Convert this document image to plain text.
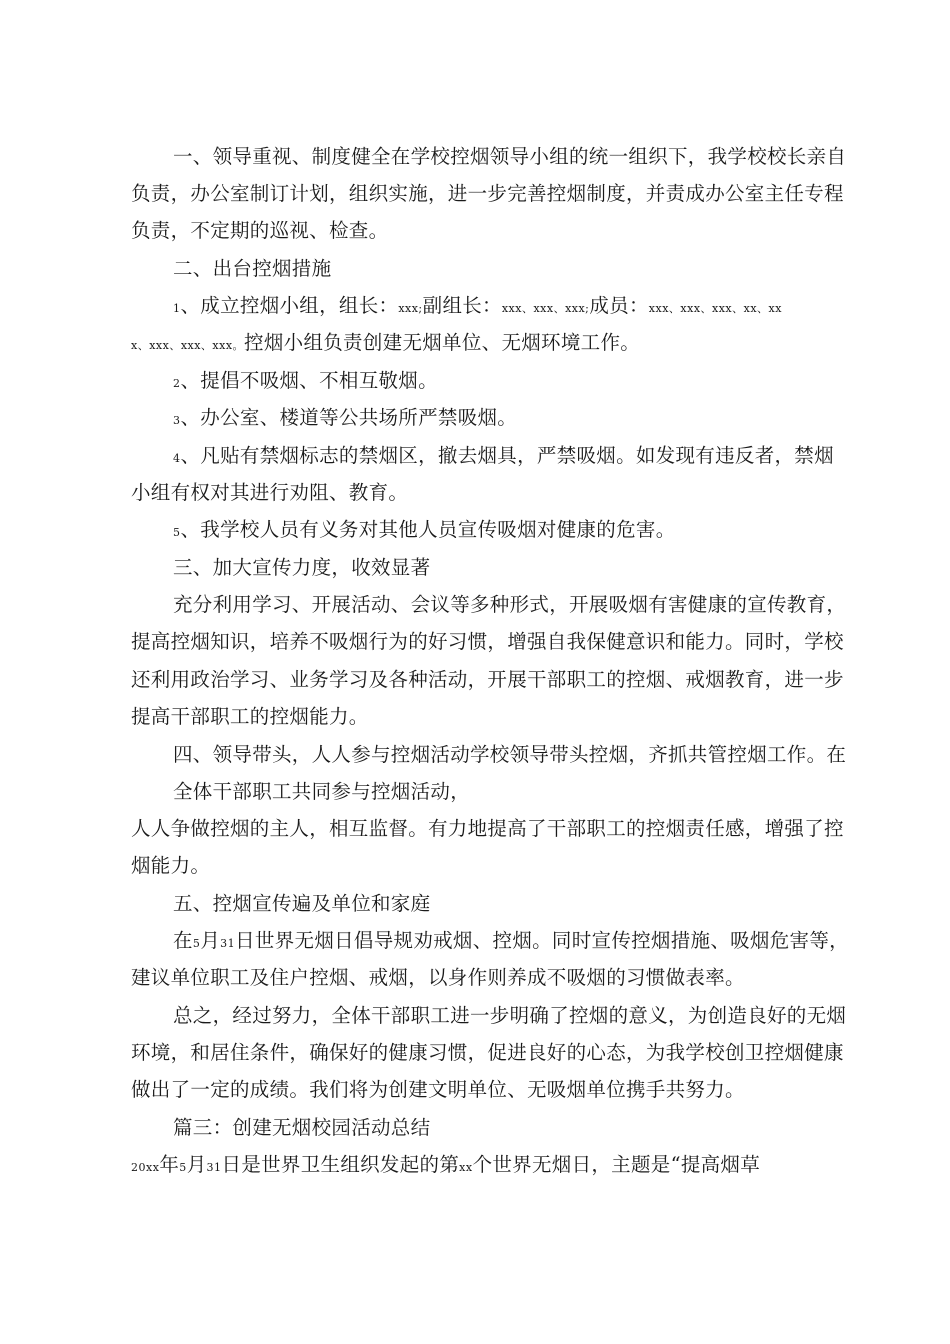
一、领导重视、制度健全在学校控烟领导小组的统一组织下，我学校校长亲自
负责，办公室制订计划，组织实施，进一步完善控烟制度，并责成办公室主任专程
负责，不定期的巡视、检查。
二、出台控烟措施
1、成立控烟小组，组长：xxx;副组长：xxx、xxx、xxx;成员：xxx、xxx、xxx、xx、xx
x、xxx、xxx、xxx。控烟小组负责创建无烟单位、无烟环境工作。
2、提倡不吸烟、不相互敬烟。
3、办公室、楼道等公共场所严禁吸烟。
4、凡贴有禁烟标志的禁烟区，撤去烟具，严禁吸烟。如发现有违反者，禁烟
小组有权对其进行劝阻、教育。
5、我学校人员有义务对其他人员宣传吸烟对健康的危害。
三、加大宣传力度，收效显著
充分利用学习、开展活动、会议等多种形式，开展吸烟有害健康的宣传教育，
提高控烟知识，培养不吸烟行为的好习惯，增强自我保健意识和能力。同时，学校
还利用政治学习、业务学习及各种活动，开展干部职工的控烟、戒烟教育，进一步
提高干部职工的控烟能力。
四、领导带头，人人参与控烟活动学校领导带头控烟，齐抓共管控烟工作。在
全体干部职工共同参与控烟活动，
人人争做控烟的主人，相互监督。有力地提高了干部职工的控烟责任感，增强了控
烟能力。
五、控烟宣传遍及单位和家庭
在5月31日世界无烟日倡导规劝戒烟、控烟。同时宣传控烟措施、吸烟危害等，
建议单位职工及住户控烟、戒烟，以身作则养成不吸烟的习惯做表率。
总之，经过努力，全体干部职工进一步明确了控烟的意义，为创造良好的无烟
环境，和居住条件，确保好的健康习惯，促进良好的心态，为我学校创卫控烟健康
做出了一定的成绩。我们将为创建文明单位、无吸烟单位携手共努力。
篇三：创建无烟校园活动总结
20xx年5月31日是世界卫生组织发起的第xx个世界无烟日，主题是“提高烟草
